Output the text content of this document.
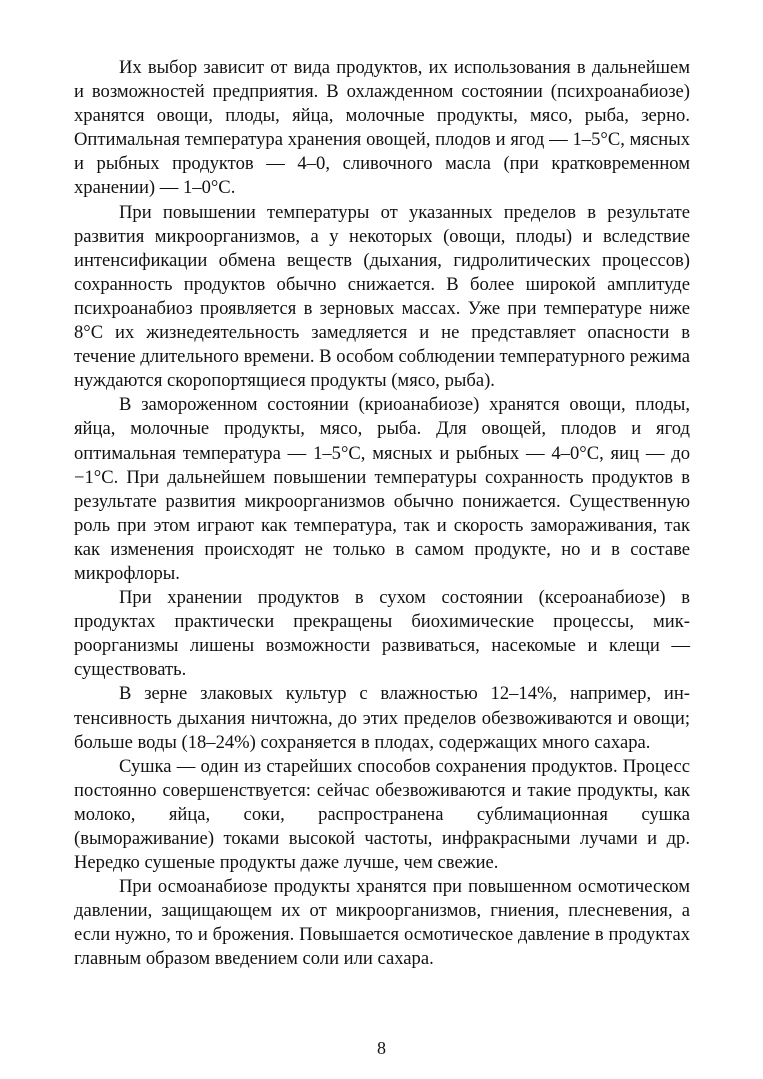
Их выбор зависит от вида продуктов, их использования в дальнейшем и возможностей предприятия. В охлажденном состоянии (психроанабиозе) хранятся овощи, плоды, яйца, молочные продукты, мясо, рыба, зерно. Оптимальная температура хранения овощей, плодов и ягод — 1–5°С, мясных и рыбных продуктов — 4–0, сливочного масла (при кратковременном хранении) — 1–0°С.

При повышении температуры от указанных пределов в результате развития микроорганизмов, а у некоторых (овощи, плоды) и вследствие интенсификации обмена веществ (дыхания, гидролитических процессов) сохранность продуктов обычно снижается. В более широкой амплитуде психроанабиоз проявляется в зерновых массах. Уже при температуре ниже 8°С их жизнедеятельность замедляется и не представляет опасности в течение длительного времени. В особом соблюдении температурного режима нуждаются скоропортящиеся продукты (мясо, рыба).

В замороженном состоянии (криоанабиозе) хранятся овощи, плоды, яйца, молочные продукты, мясо, рыба. Для овощей, плодов и ягод оптимальная температура — 1–5°С, мясных и рыбных — 4–0°С, яиц — до −1°С. При дальнейшем повышении температуры сохранность продуктов в результате развития микроорганизмов обычно понижается. Существенную роль при этом играют как температура, так и скорость замораживания, так как изменения происходят не только в самом продукте, но и в составе микрофлоры.

При хранении продуктов в сухом состоянии (ксероанабиозе) в продуктах практически прекращены биохимические процессы, микроорганизмы лишены возможности развиваться, насекомые и клещи — существовать.

В зерне злаковых культур с влажностью 12–14%, например, интенсивность дыхания ничтожна, до этих пределов обезвоживаются и овощи; больше воды (18–24%) сохраняется в плодах, содержащих много сахара.

Сушка — один из старейших способов сохранения продуктов. Процесс постоянно совершенствуется: сейчас обезвоживаются и такие продукты, как молоко, яйца, соки, распространена сублимационная сушка (вымораживание) токами высокой частоты, инфракрасными лучами и др. Нередко сушеные продукты даже лучше, чем свежие.

При осмоанабиозе продукты хранятся при повышенном осмотическом давлении, защищающем их от микроорганизмов, гниения, плесневения, а если нужно, то и брожения. Повышается осмотическое давление в продуктах главным образом введением соли или сахара.

8
